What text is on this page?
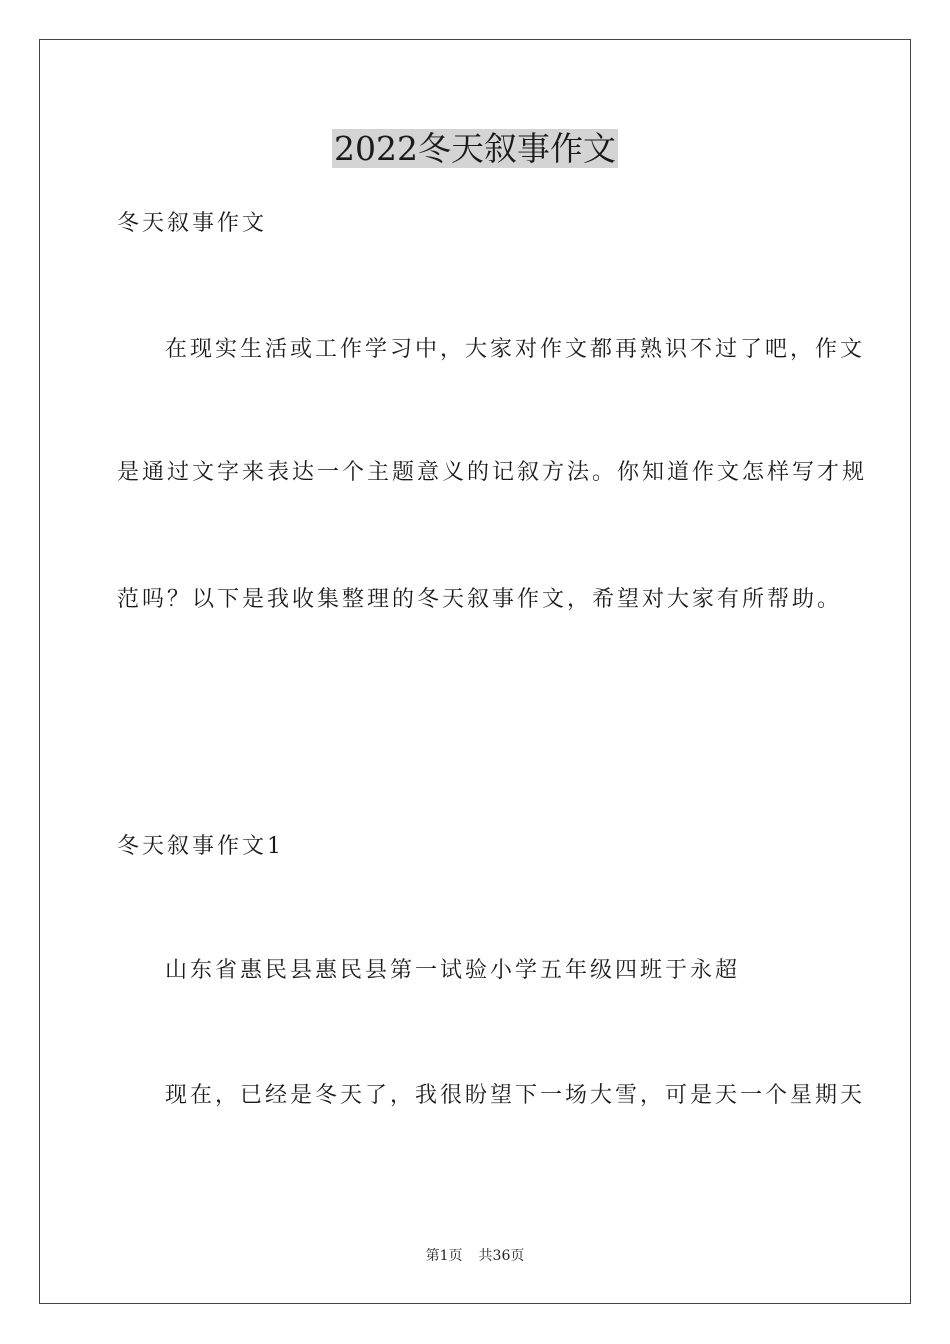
2022冬天叙事作文

冬天叙事作文

在现实生活或工作学习中，大家对作文都再熟识不过了吧，作文

是通过文字来表达一个主题意义的记叙方法。你知道作文怎样写才规

范吗？以下是我收集整理的冬天叙事作文，希望对大家有所帮助。

冬天叙事作文1

山东省惠民县惠民县第一试验小学五年级四班于永超

现在，已经是冬天了，我很盼望下一场大雪，可是天一个星期天

第1页 共36页
